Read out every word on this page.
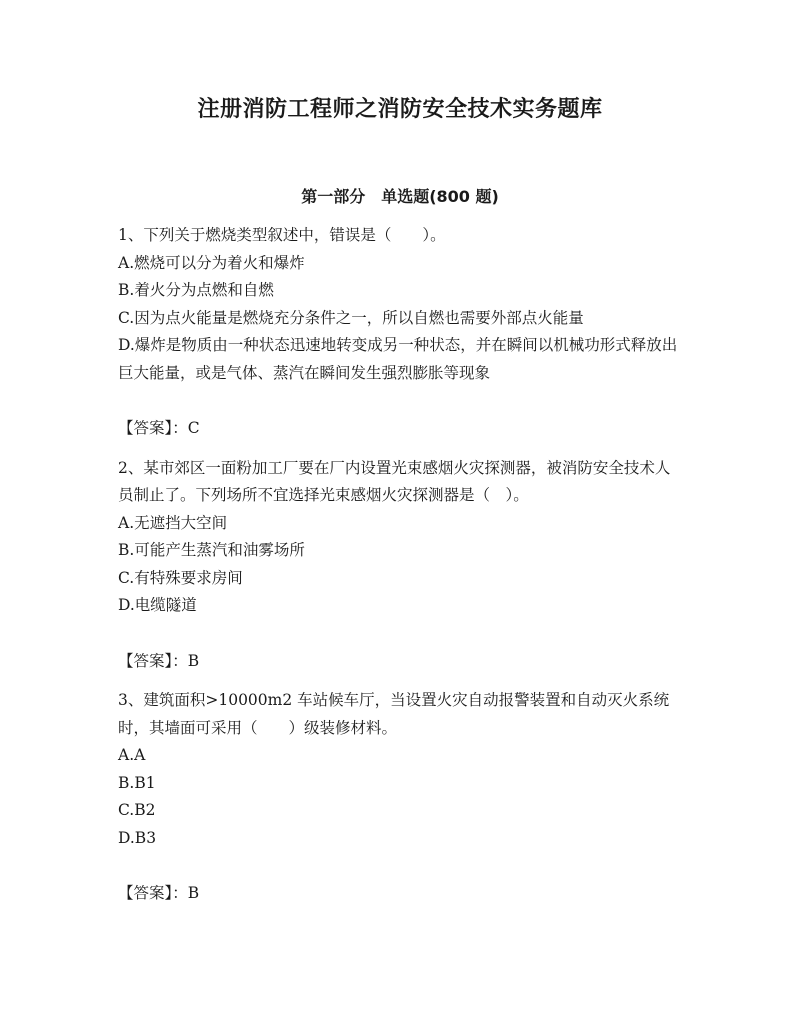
注册消防工程师之消防安全技术实务题库
第一部分　单选题(800 题)

1、下列关于燃烧类型叙述中，错误是（　　）。

A.燃烧可以分为着火和爆炸

B.着火分为点燃和自燃

C.因为点火能量是燃烧充分条件之一，所以自燃也需要外部点火能量

D.爆炸是物质由一种状态迅速地转变成另一种状态，并在瞬间以机械功形式释放出巨大能量，或是气体、蒸汽在瞬间发生强烈膨胀等现象

【答案】：C

2、某市郊区一面粉加工厂要在厂内设置光束感烟火灾探测器，被消防安全技术人员制止了。下列场所不宜选择光束感烟火灾探测器是（　）。

A.无遮挡大空间

B.可能产生蒸汽和油雾场所

C.有特殊要求房间

D.电缆隧道

【答案】：B

3、建筑面积>10000m2 车站候车厅，当设置火灾自动报警装置和自动灭火系统时，其墙面可采用（　　）级装修材料。

A.A

B.B1

C.B2

D.B3

【答案】：B
